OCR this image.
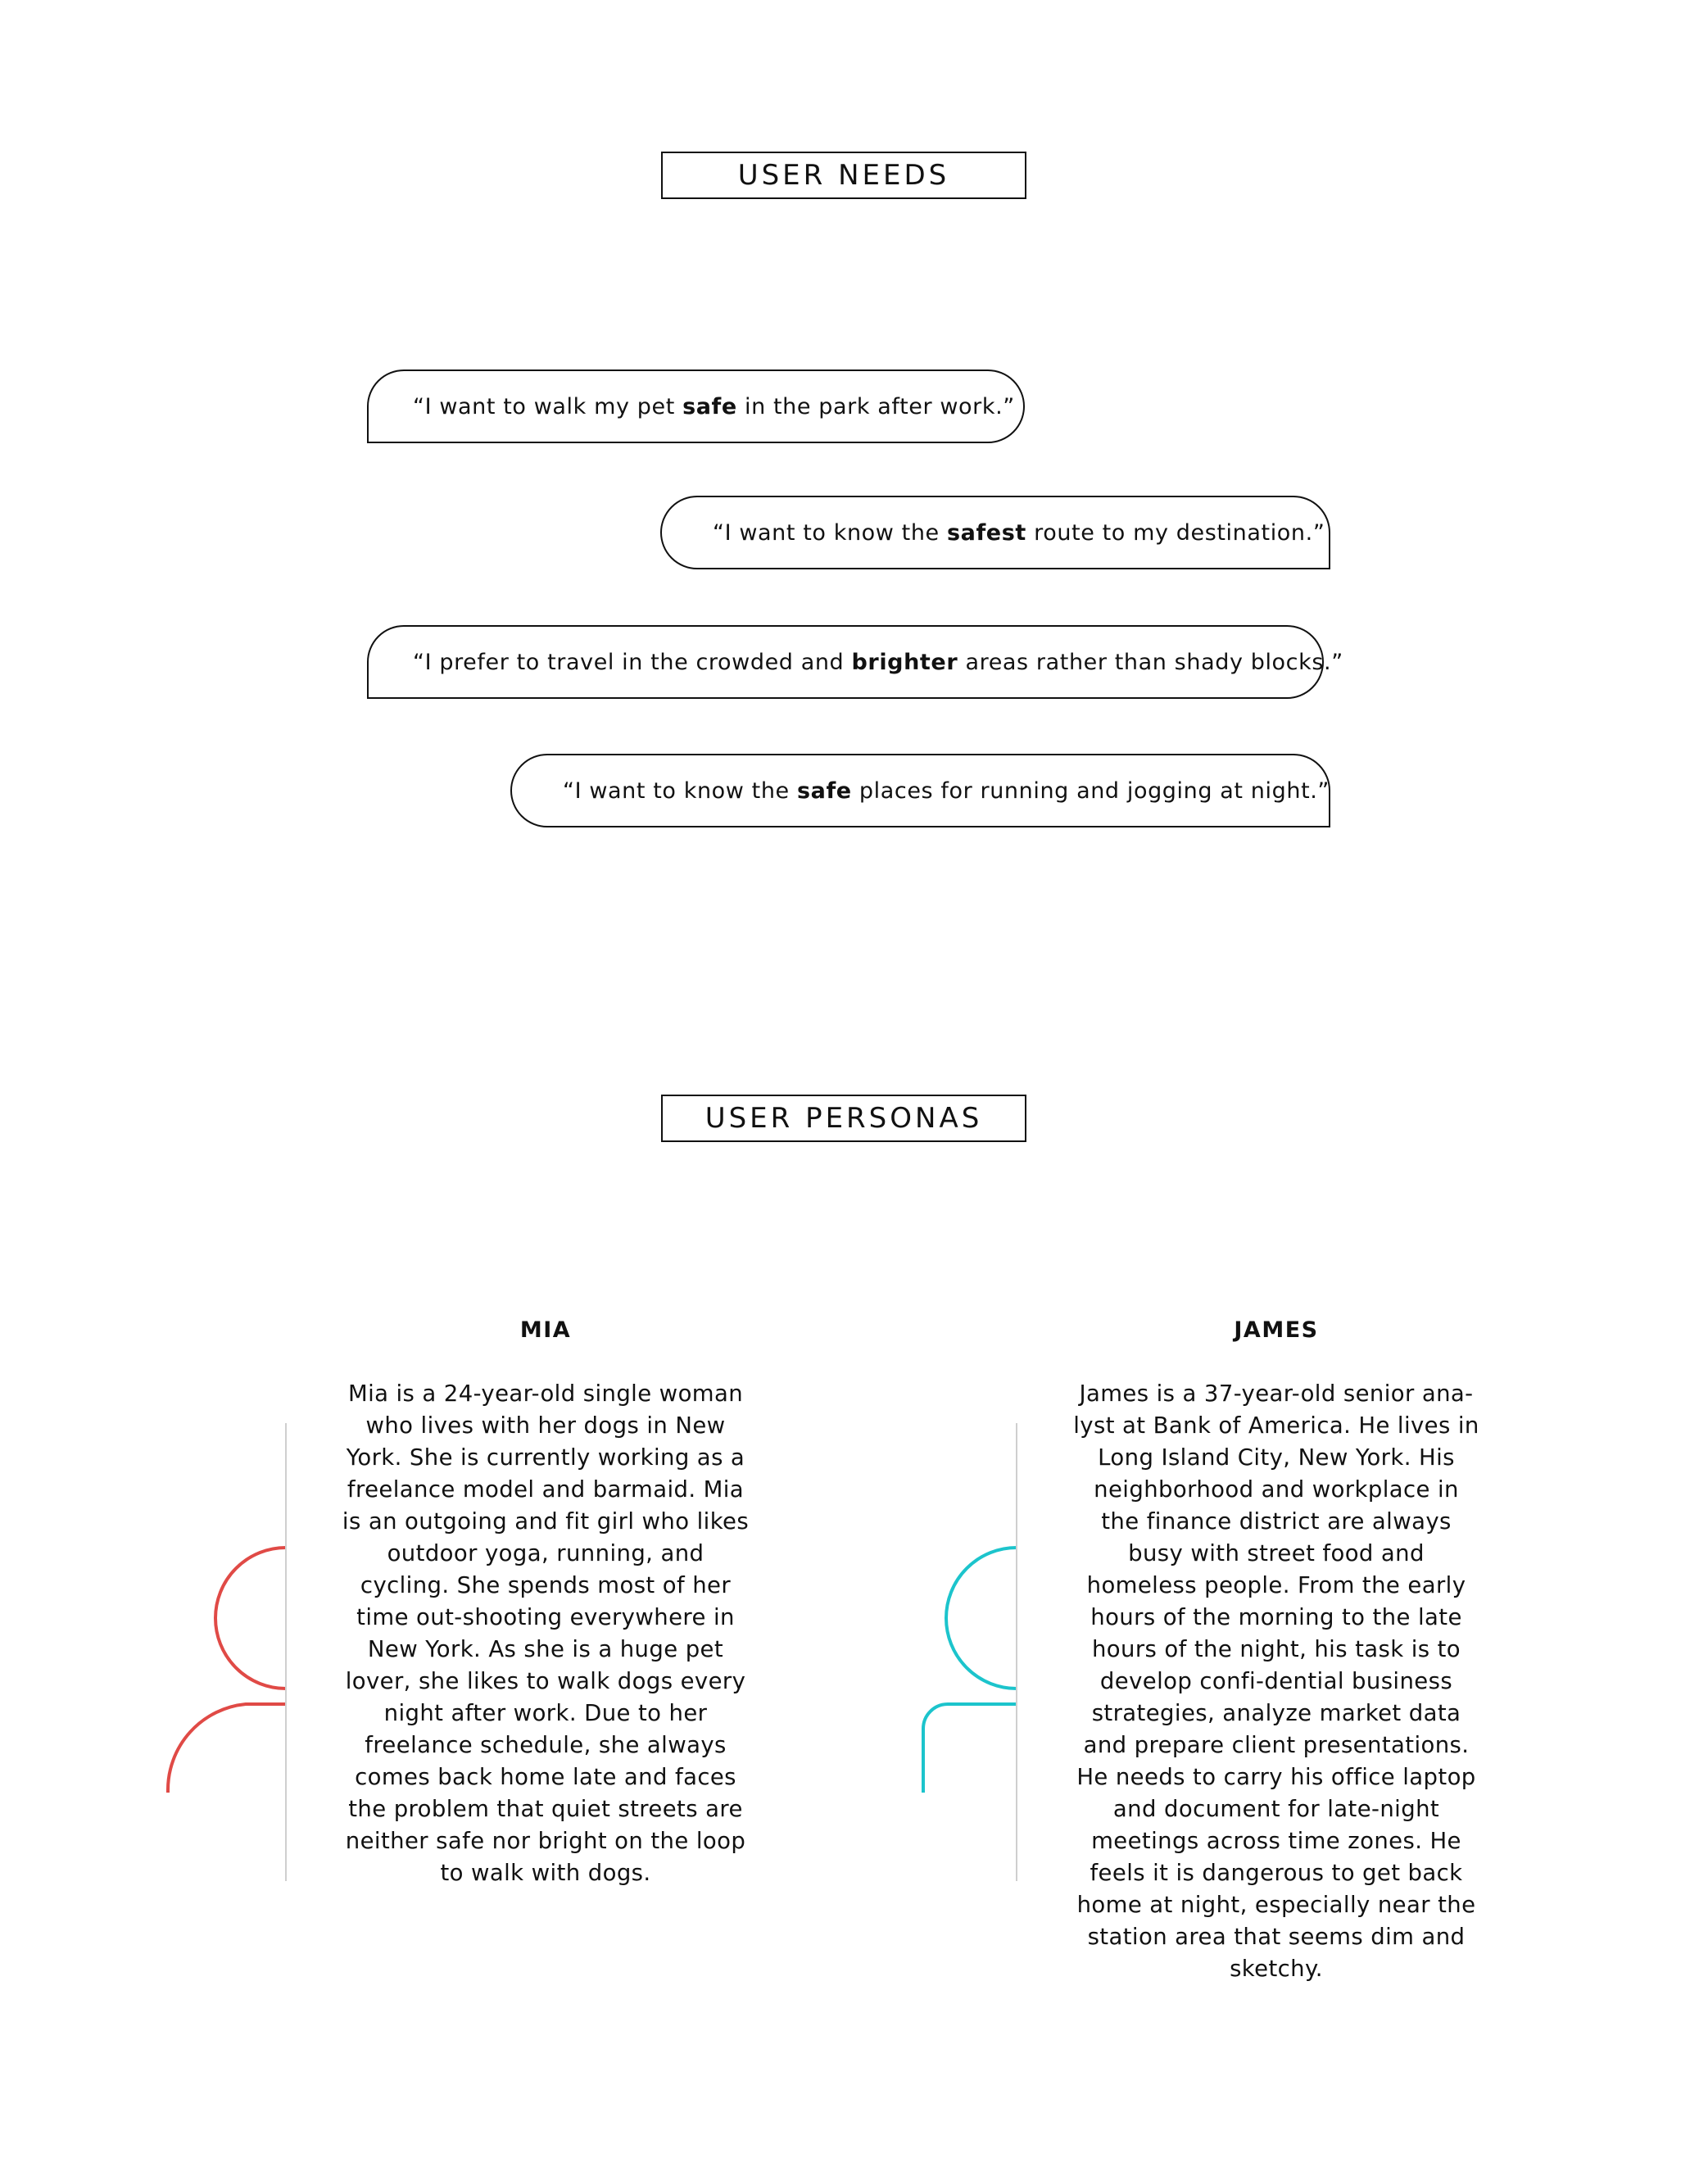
USER NEEDS
“I want to walk my pet safe in the park after work.”
“I want to know the safest route to my destination.”
“I prefer to travel in the crowded and brighter areas rather than shady blocks.”
“I want to know the safe places for running and jogging at night.”
USER PERSONAS
MIA
Mia is a 24-year-old single woman who lives with her dogs in New York. She is currently working as a freelance model and barmaid. Mia is an outgoing and fit girl who likes outdoor yoga, running, and cycling. She spends most of her time out-shooting everywhere in New York. As she is a huge pet lover, she likes to walk dogs every night after work. Due to her freelance schedule, she always comes back home late and faces the problem that quiet streets are neither safe nor bright on the loop to walk with dogs.
JAMES
James is a 37-year-old senior ana-lyst at Bank of America. He lives in Long Island City, New York. His neighborhood and workplace in the finance district are always busy with street food and homeless people. From the early hours of the morning to the late hours of the night, his task is to develop confi-dential business strategies, analyze market data and prepare client presentations. He needs to carry his office laptop and document for late-night meetings across time zones. He feels it is dangerous to get back home at night, especially near the station area that seems dim and sketchy.
